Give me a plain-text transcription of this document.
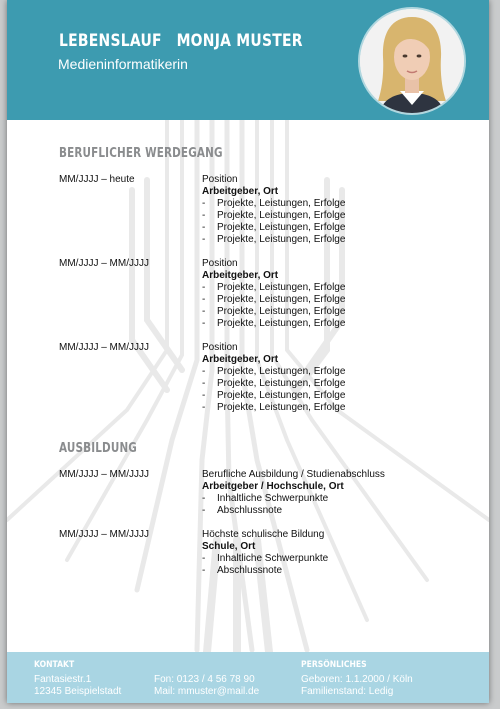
LEBENSLAUF MONJA MUSTER
Medieninformatikerin
BERUFLICHER WERDEGANG
AUSBILDUNG
MM/JJJJ – heute	Position
Arbeitgeber, Ort
- Projekte, Leistungen, Erfolge
- Projekte, Leistungen, Erfolge
- Projekte, Leistungen, Erfolge
- Projekte, Leistungen, Erfolge
MM/JJJJ – MM/JJJJ	Position
Arbeitgeber, Ort
- Projekte, Leistungen, Erfolge
- Projekte, Leistungen, Erfolge
- Projekte, Leistungen, Erfolge
- Projekte, Leistungen, Erfolge
MM/JJJJ – MM/JJJJ	Position
Arbeitgeber, Ort
- Projekte, Leistungen, Erfolge
- Projekte, Leistungen, Erfolge
- Projekte, Leistungen, Erfolge
- Projekte, Leistungen, Erfolge
MM/JJJJ – MM/JJJJ	Berufliche Ausbildung / Studienabschluss
Arbeitgeber / Hochschule, Ort
- Inhaltliche Schwerpunkte
- Abschlussnote
MM/JJJJ – MM/JJJJ	Höchste schulische Bildung
Schule, Ort
- Inhaltliche Schwerpunkte
- Abschlussnote
KONTAKT
Fantasiestr.1
12345 Beispielstadt
Fon: 0123 / 4 56 78 90
Mail: mmuster@mail.de
PERSÖNLICHES
Geboren: 1.1.2000 / Köln
Familienstand: Ledig
